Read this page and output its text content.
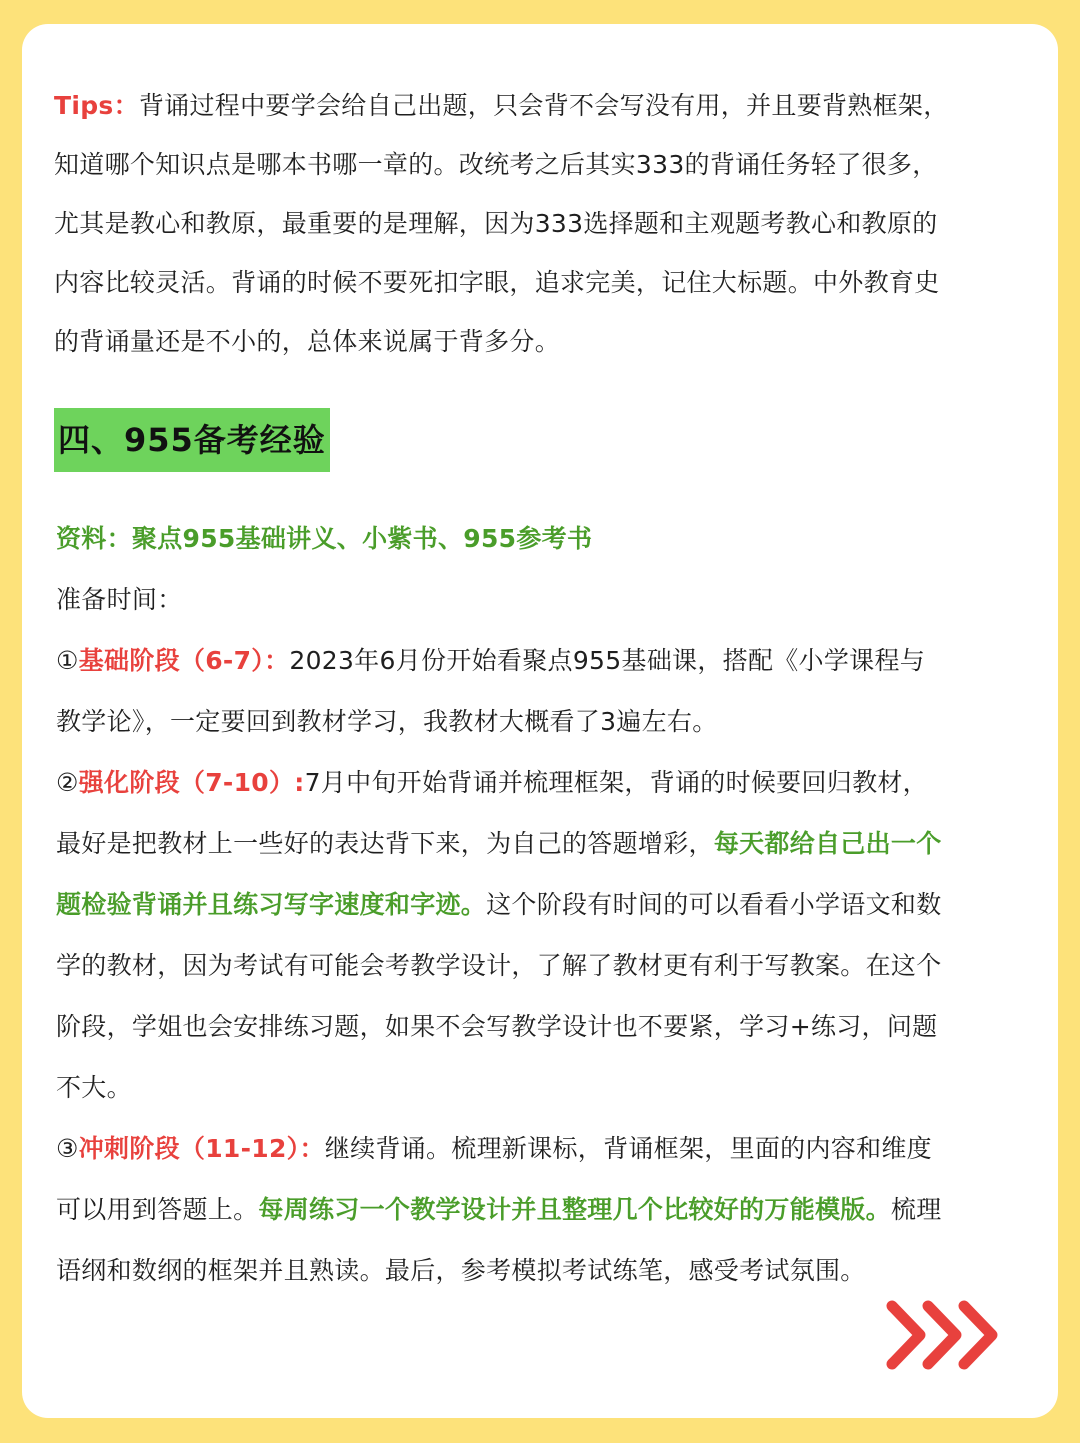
Tips：背诵过程中要学会给自己出题，只会背不会写没有用，并且要背熟框架，
知道哪个知识点是哪本书哪一章的。改统考之后其实333的背诵任务轻了很多，
尤其是教心和教原，最重要的是理解，因为333选择题和主观题考教心和教原的
内容比较灵活。背诵的时候不要死扣字眼，追求完美，记住大标题。中外教育史
的背诵量还是不小的，总体来说属于背多分。
四、955备考经验
资料：聚点955基础讲义、小紫书、955参考书
准备时间：
①基础阶段（6-7）：2023年6月份开始看聚点955基础课，搭配《小学课程与
教学论》，一定要回到教材学习，我教材大概看了3遍左右。
②强化阶段（7-10）:7月中旬开始背诵并梳理框架，背诵的时候要回归教材，
最好是把教材上一些好的表达背下来，为自己的答题增彩，每天都给自己出一个
题检验背诵并且练习写字速度和字迹。这个阶段有时间的可以看看小学语文和数
学的教材，因为考试有可能会考教学设计，了解了教材更有利于写教案。在这个
阶段，学姐也会安排练习题，如果不会写教学设计也不要紧，学习+练习，问题
不大。
③冲刺阶段（11-12）：继续背诵。梳理新课标，背诵框架，里面的内容和维度
可以用到答题上。每周练习一个教学设计并且整理几个比较好的万能模版。梳理
语纲和数纲的框架并且熟读。最后，参考模拟考试练笔，感受考试氛围。
